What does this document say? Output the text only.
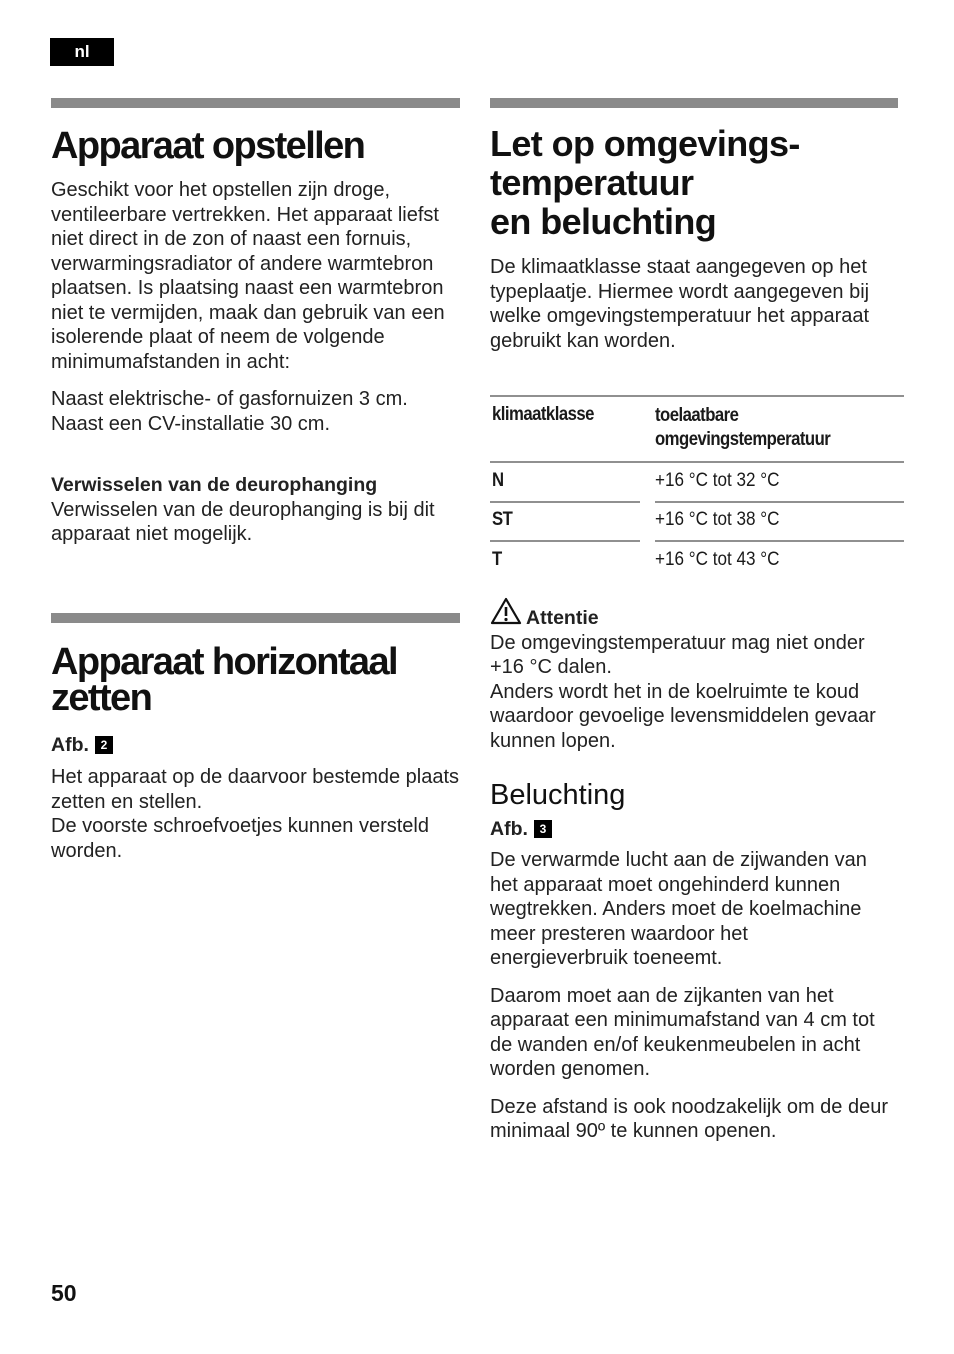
nl
Apparaat opstellen

Geschikt voor het opstellen zijn droge, ventileerbare vertrekken. Het apparaat liefst niet direct in de zon of naast een fornuis, verwarmingsradiator of andere warmtebron plaatsen. Is plaatsing naast een warmtebron niet te vermijden, maak dan gebruik van een isolerende plaat of neem de volgende minimumafstanden in acht:

Naast elektrische- of gasfornuizen 3 cm.

Naast een CV-installatie 30 cm.

Verwisselen van de deurophanging

Verwisselen van de deurophanging is bij dit apparaat niet mogelijk.

Apparaat horizontaal
zetten
Afb. 2

Het apparaat op de daarvoor bestemde plaats zetten en stellen.

De voorste schroefvoetjes kunnen versteld worden.

Let op omgevings-
temperatuur
en beluchting

De klimaatklasse staat aangegeven op het typeplaatje. Hiermee wordt aangegeven bij welke omgevingstemperatuur het apparaat gebruikt kan worden.

klimaatklasse	toelaatbare
omgevingstemperatuur
N	+16 °C tot 32 °C
ST	+16 °C tot 38 °C
T	+16 °C tot 43 °C
Attentie

De omgevingstemperatuur mag niet onder +16 °C dalen.

Anders wordt het in de koelruimte te koud waardoor gevoelige levensmiddelen gevaar kunnen lopen.

Beluchting
Afb. 3

De verwarmde lucht aan de zijwanden van het apparaat moet ongehinderd kunnen wegtrekken. Anders moet de koelmachine meer presteren waardoor het energieverbruik toeneemt.

Daarom moet aan de zijkanten van het apparaat een minimumafstand van 4 cm tot de wanden en/of keukenmeubelen in acht worden genomen.

Deze afstand is ook noodzakelijk om de deur minimaal 90º te kunnen openen.

50
